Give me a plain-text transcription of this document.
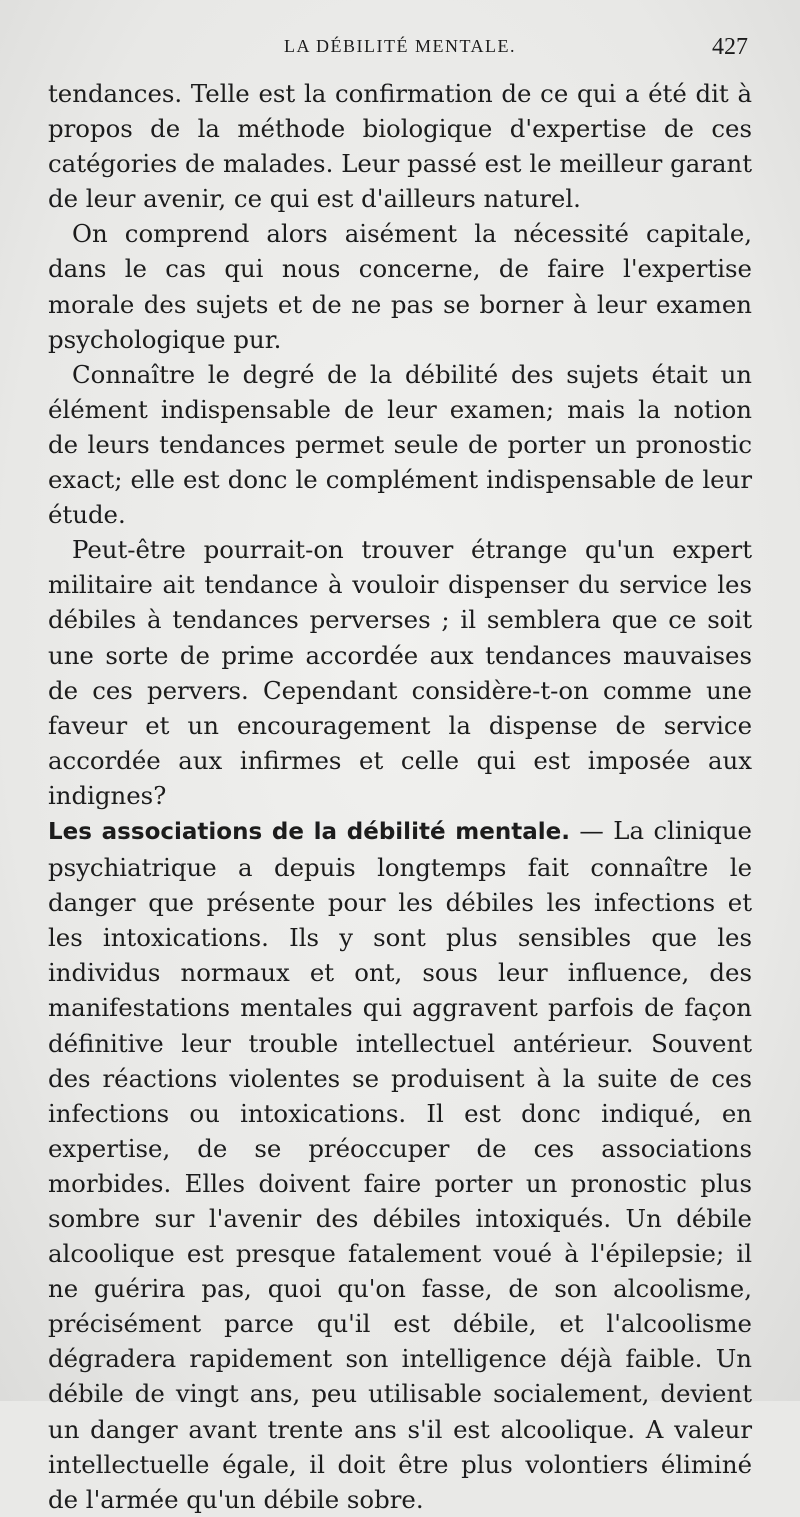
LA DÉBILITÉ MENTALE.	427

tendances. Telle est la confirmation de ce qui a été dit à propos de la méthode biologique d'expertise de ces catégories de malades. Leur passé est le meilleur garant de leur avenir, ce qui est d'ailleurs naturel.

On comprend alors aisément la nécessité capitale, dans le cas qui nous concerne, de faire l'expertise morale des sujets et de ne pas se borner à leur examen psychologique pur.

Connaître le degré de la débilité des sujets était un élément indispensable de leur examen; mais la notion de leurs tendances permet seule de porter un pronostic exact; elle est donc le complément indispensable de leur étude.

Peut-être pourrait-on trouver étrange qu'un expert militaire ait tendance à vouloir dispenser du service les débiles à tendances perverses ; il semblera que ce soit une sorte de prime accordée aux tendances mauvaises de ces pervers. Cependant considère-t-on comme une faveur et un encouragement la dispense de service accordée aux infirmes et celle qui est imposée aux indignes?

Les associations de la débilité mentale. — La clinique psychiatrique a depuis longtemps fait connaître le danger que présente pour les débiles les infections et les intoxications. Ils y sont plus sensibles que les individus normaux et ont, sous leur influence, des manifestations mentales qui aggravent parfois de façon définitive leur trouble intellectuel antérieur. Souvent des réactions violentes se produisent à la suite de ces infections ou intoxications. Il est donc indiqué, en expertise, de se préoccuper de ces associations morbides. Elles doivent faire porter un pronostic plus sombre sur l'avenir des débiles intoxiqués. Un débile alcoolique est presque fatalement voué à l'épilepsie; il ne guérira pas, quoi qu'on fasse, de son alcoolisme, précisément parce qu'il est débile, et l'alcoolisme dégradera rapidement son intelligence déjà faible. Un débile de vingt ans, peu utilisable socialement, devient un danger avant trente ans s'il est alcoolique. A valeur intellectuelle égale, il doit être plus volontiers éliminé de l'armée qu'un débile sobre.
